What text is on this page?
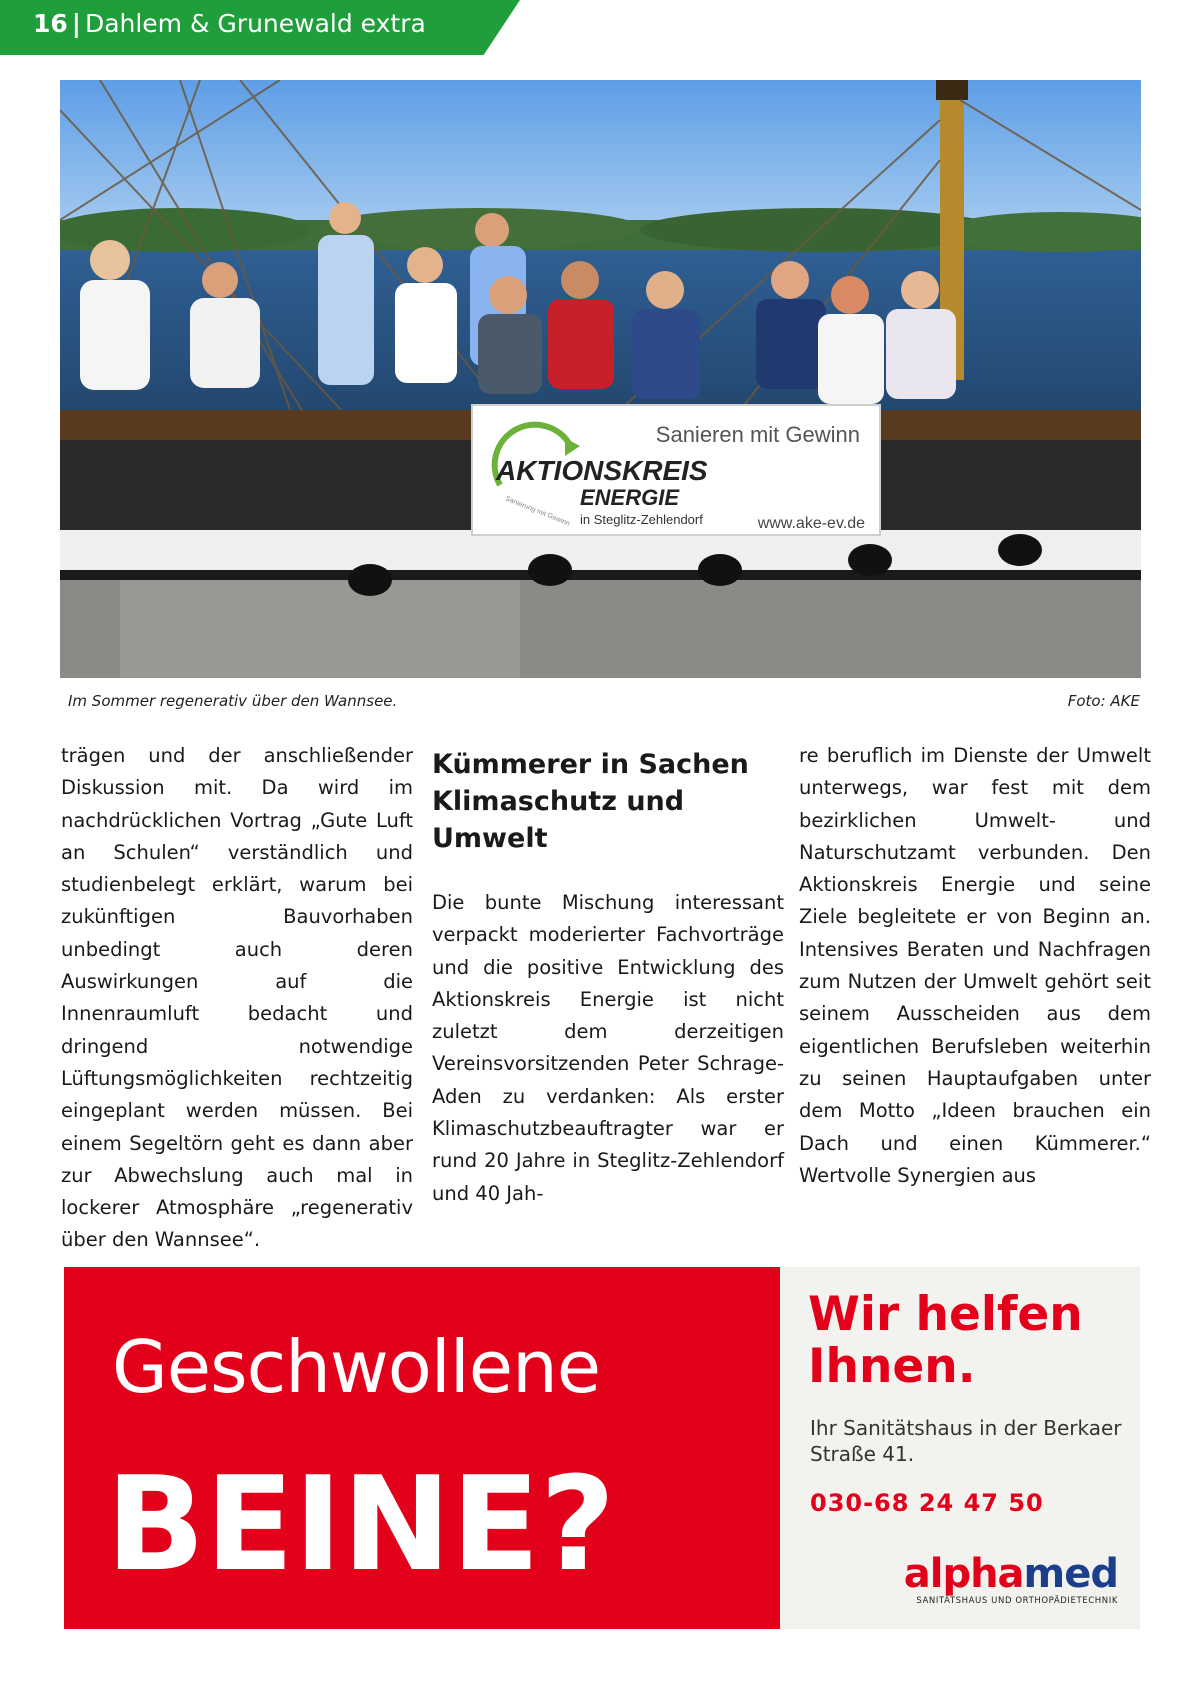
16 | Dahlem & Grunewald extra
Sanieren mit Gewinn
AKTIONSKREIS
ENERGIE
Sanierung mit Gewinn in Steglitz-Zehlendorf	www.ake-ev.de
Im Sommer regenerativ über den Wannsee.	Foto: AKE

trägen und der anschließender Diskussion mit. Da wird im nachdrücklichen Vortrag „Gute Luft an Schulen“ verständlich und studienbelegt erklärt, warum bei zukünftigen Bauvorhaben unbedingt auch deren Auswirkungen auf die Innenraumluft bedacht und dringend notwendige Lüftungsmöglichkeiten rechtzeitig eingeplant werden müssen. Bei einem Segeltörn geht es dann aber zur Abwechslung auch mal in lockerer Atmosphäre „regenerativ über den Wannsee“.

Kümmerer in Sachen Klimaschutz und Umwelt

Die bunte Mischung interessant verpackt moderierter Fachvorträge und die positive Entwicklung des Aktionskreis Energie ist nicht zuletzt dem derzeitigen Vereinsvorsitzenden Peter Schrage-Aden zu verdanken: Als erster Klimaschutzbeauftragter war er rund 20 Jahre in Steglitz-Zehlendorf und 40 Jah-

re beruflich im Dienste der Umwelt unterwegs, war fest mit dem bezirklichen Umwelt- und Naturschutzamt verbunden. Den Aktionskreis Energie und seine Ziele begleitete er von Beginn an. Intensives Beraten und Nachfragen zum Nutzen der Umwelt gehört seit seinem Ausscheiden aus dem eigentlichen Berufsleben weiterhin zu seinen Hauptaufgaben unter dem Motto „Ideen brauchen ein Dach und einen Kümmerer.“ Wertvolle Synergien aus

Geschwollene
BEINE?
Wir helfen Ihnen.
Ihr Sanitätshaus in der Berkaer Straße 41.
030-68 24 47 50
alphamed
SANITÄTSHAUS UND ORTHOPÄDIETECHNIK
